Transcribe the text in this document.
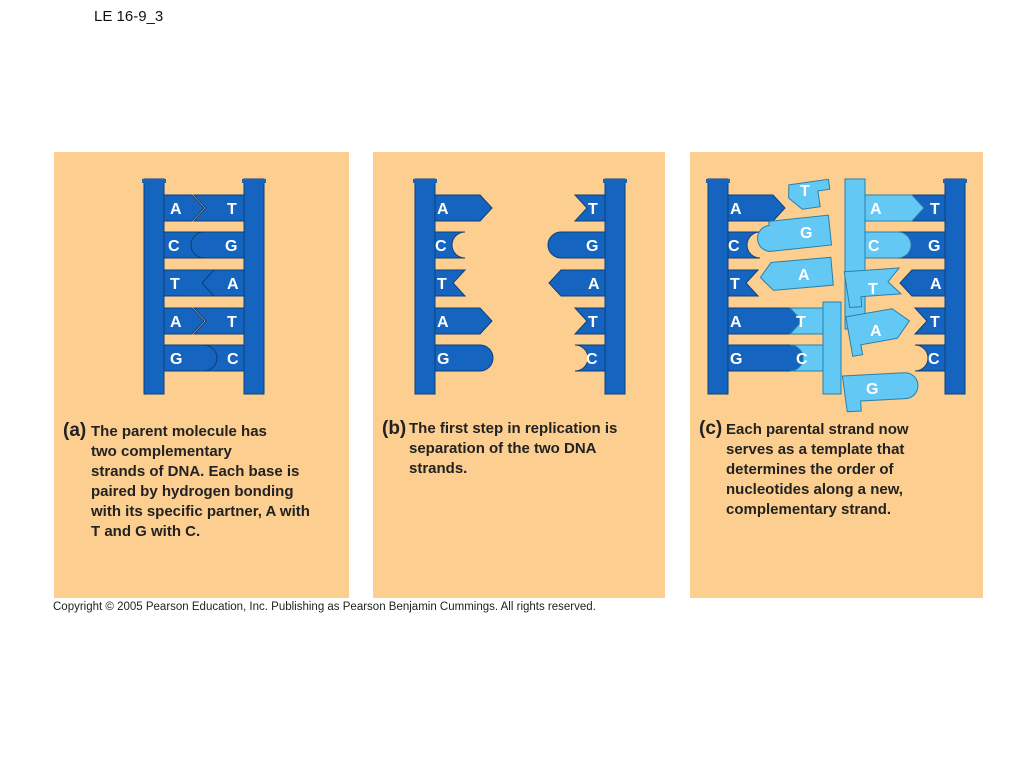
LE 16-9_3
A
C
T
A
G
T
G
A
T
C
(a) The parent molecule has
two complementary
strands of DNA. Each base is
paired by hydrogen bonding
with its specific partner, A with
T and G with C.
A
C
T
A
G
T
G
A
T
C
(b) The first step in replication is
separation of the two DNA
strands.
A
C
T
A
G
T
G
A
T
C
T
G
A
T
C
A
C
T
A
G
(c) Each parental strand now
serves as a template that
determines the order of
nucleotides along a new,
complementary strand.
Copyright © 2005 Pearson Education, Inc. Publishing as Pearson Benjamin Cummings. All rights reserved.
